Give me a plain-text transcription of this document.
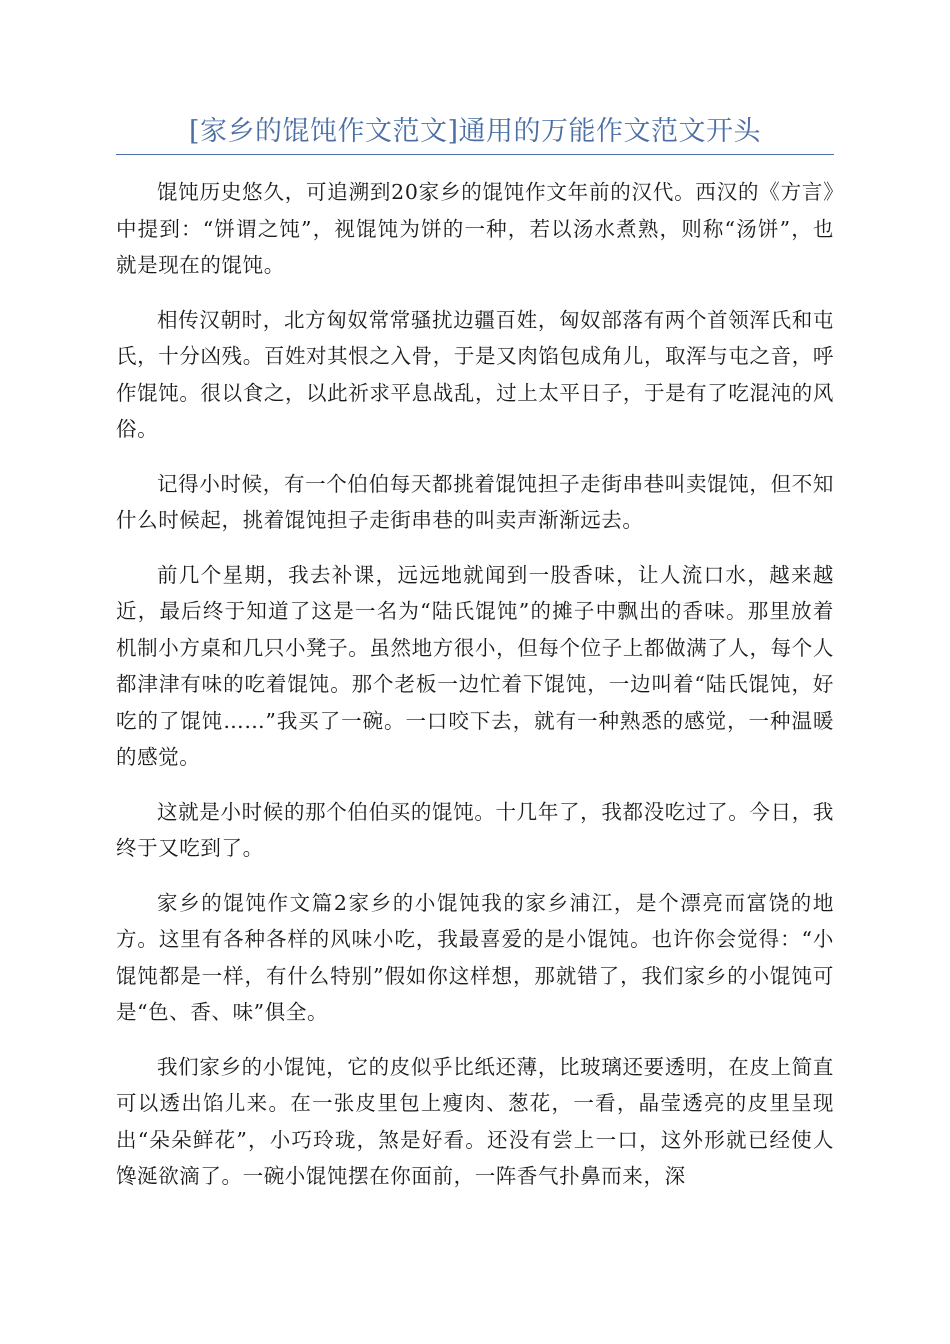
[家乡的馄饨作文范文]通用的万能作文范文开头

馄饨历史悠久，可追溯到20家乡的馄饨作文年前的汉代。西汉的《方言》中提到：“饼谓之饨”，视馄饨为饼的一种，若以汤水煮熟，则称“汤饼”，也就是现在的馄饨。

相传汉朝时，北方匈奴常常骚扰边疆百姓，匈奴部落有两个首领浑氏和屯氏，十分凶残。百姓对其恨之入骨，于是又肉馅包成角儿，取浑与屯之音，呼作馄饨。很以食之，以此祈求平息战乱，过上太平日子，于是有了吃混沌的风俗。

记得小时候，有一个伯伯每天都挑着馄饨担子走街串巷叫卖馄饨，但不知什么时候起，挑着馄饨担子走街串巷的叫卖声渐渐远去。

前几个星期，我去补课，远远地就闻到一股香味，让人流口水，越来越近，最后终于知道了这是一名为“陆氏馄饨”的摊子中飘出的香味。那里放着机制小方桌和几只小凳子。虽然地方很小，但每个位子上都做满了人，每个人都津津有味的吃着馄饨。那个老板一边忙着下馄饨，一边叫着“陆氏馄饨，好吃的了馄饨……”我买了一碗。一口咬下去，就有一种熟悉的感觉，一种温暖的感觉。

这就是小时候的那个伯伯买的馄饨。十几年了，我都没吃过了。今日，我终于又吃到了。

家乡的馄饨作文篇2家乡的小馄饨我的家乡浦江，是个漂亮而富饶的地方。这里有各种各样的风味小吃，我最喜爱的是小馄饨。也许你会觉得：“小馄饨都是一样，有什么特别”假如你这样想，那就错了，我们家乡的小馄饨可是“色、香、味”俱全。

我们家乡的小馄饨，它的皮似乎比纸还薄，比玻璃还要透明，在皮上简直可以透出馅儿来。在一张皮里包上瘦肉、葱花，一看，晶莹透亮的皮里呈现出“朵朵鲜花”，小巧玲珑，煞是好看。还没有尝上一口，这外形就已经使人馋涎欲滴了。一碗小馄饨摆在你面前，一阵香气扑鼻而来，深
